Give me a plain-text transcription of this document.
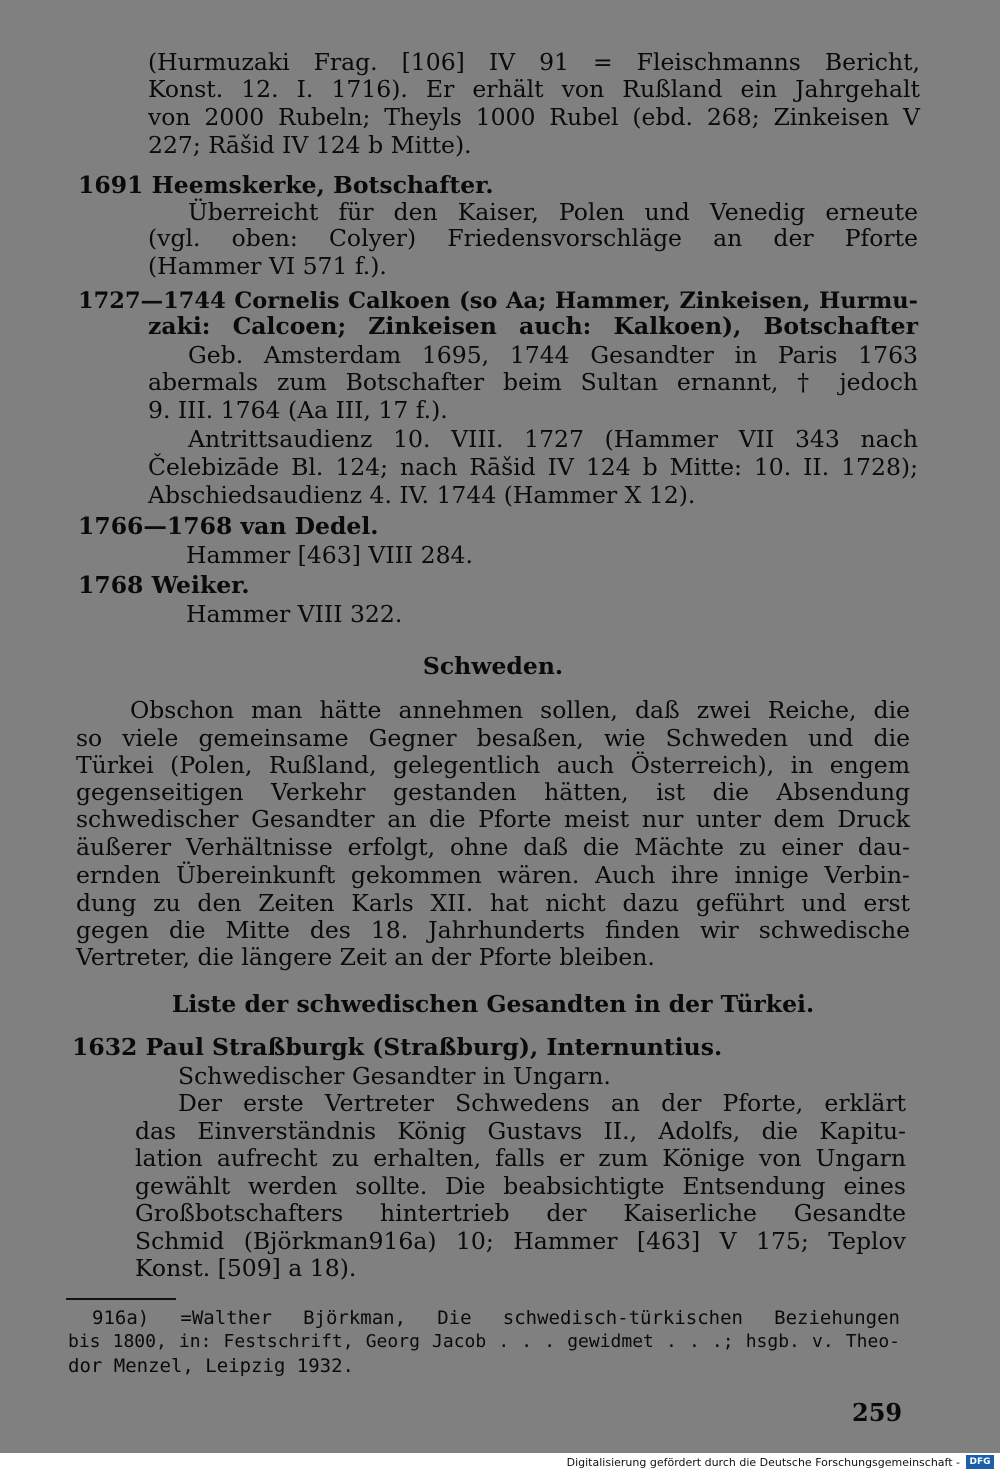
(Hurmuzaki Frag. [106] IV 91 = Fleischmanns Bericht,
Konst. 12. I. 1716). Er erhält von Rußland ein Jahrgehalt
von 2000 Rubeln; Theyls 1000 Rubel (ebd. 268; Zinkeisen V
227; Rāšid IV 124 b Mitte).
1691 Heemskerke, Botschafter.
Überreicht für den Kaiser, Polen und Venedig erneute
(vgl. oben: Colyer) Friedensvorschläge an der Pforte
(Hammer VI 571 f.).
1727—1744 Cornelis Calkoen (so Aa; Hammer, Zinkeisen, Hurmu-
zaki: Calcoen; Zinkeisen auch: Kalkoen), Botschafter
Geb. Amsterdam 1695, 1744 Gesandter in Paris 1763
abermals zum Botschafter beim Sultan ernannt, † jedoch
9. III. 1764 (Aa III, 17 f.).
Antrittsaudienz 10. VIII. 1727 (Hammer VII 343 nach
Čelebizāde Bl. 124; nach Rāšid IV 124 b Mitte: 10. II. 1728);
Abschiedsaudienz 4. IV. 1744 (Hammer X 12).
1766—1768 van Dedel.
Hammer [463] VIII 284.
1768 Weiker.
Hammer VIII 322.
Schweden.
Obschon man hätte annehmen sollen, daß zwei Reiche, die
so viele gemeinsame Gegner besaßen, wie Schweden und die
Türkei (Polen, Rußland, gelegentlich auch Österreich), in engem
gegenseitigen Verkehr gestanden hätten, ist die Absendung
schwedischer Gesandter an die Pforte meist nur unter dem Druck
äußerer Verhältnisse erfolgt, ohne daß die Mächte zu einer dau-
ernden Übereinkunft gekommen wären. Auch ihre innige Verbin-
dung zu den Zeiten Karls XII. hat nicht dazu geführt und erst
gegen die Mitte des 18. Jahrhunderts finden wir schwedische
Vertreter, die längere Zeit an der Pforte bleiben.
Liste der schwedischen Gesandten in der Türkei.
1632 Paul Straßburgk (Straßburg), Internuntius.
Schwedischer Gesandter in Ungarn.
Der erste Vertreter Schwedens an der Pforte, erklärt
das Einverständnis König Gustavs II., Adolfs, die Kapitu-
lation aufrecht zu erhalten, falls er zum Könige von Ungarn
gewählt werden sollte. Die beabsichtigte Entsendung eines
Großbotschafters hintertrieb der Kaiserliche Gesandte
Schmid (Björkman916a) 10; Hammer [463] V 175; Teplov
Konst. [509] a 18).
916a) =Walther Björkman, Die schwedisch-türkischen Beziehungen
bis 1800, in: Festschrift, Georg Jacob . . . gewidmet . . .; hsgb. v. Theo-
dor Menzel, Leipzig 1932.
259
Digitalisierung gefördert durch die Deutsche Forschungsgemeinschaft -	DFG
